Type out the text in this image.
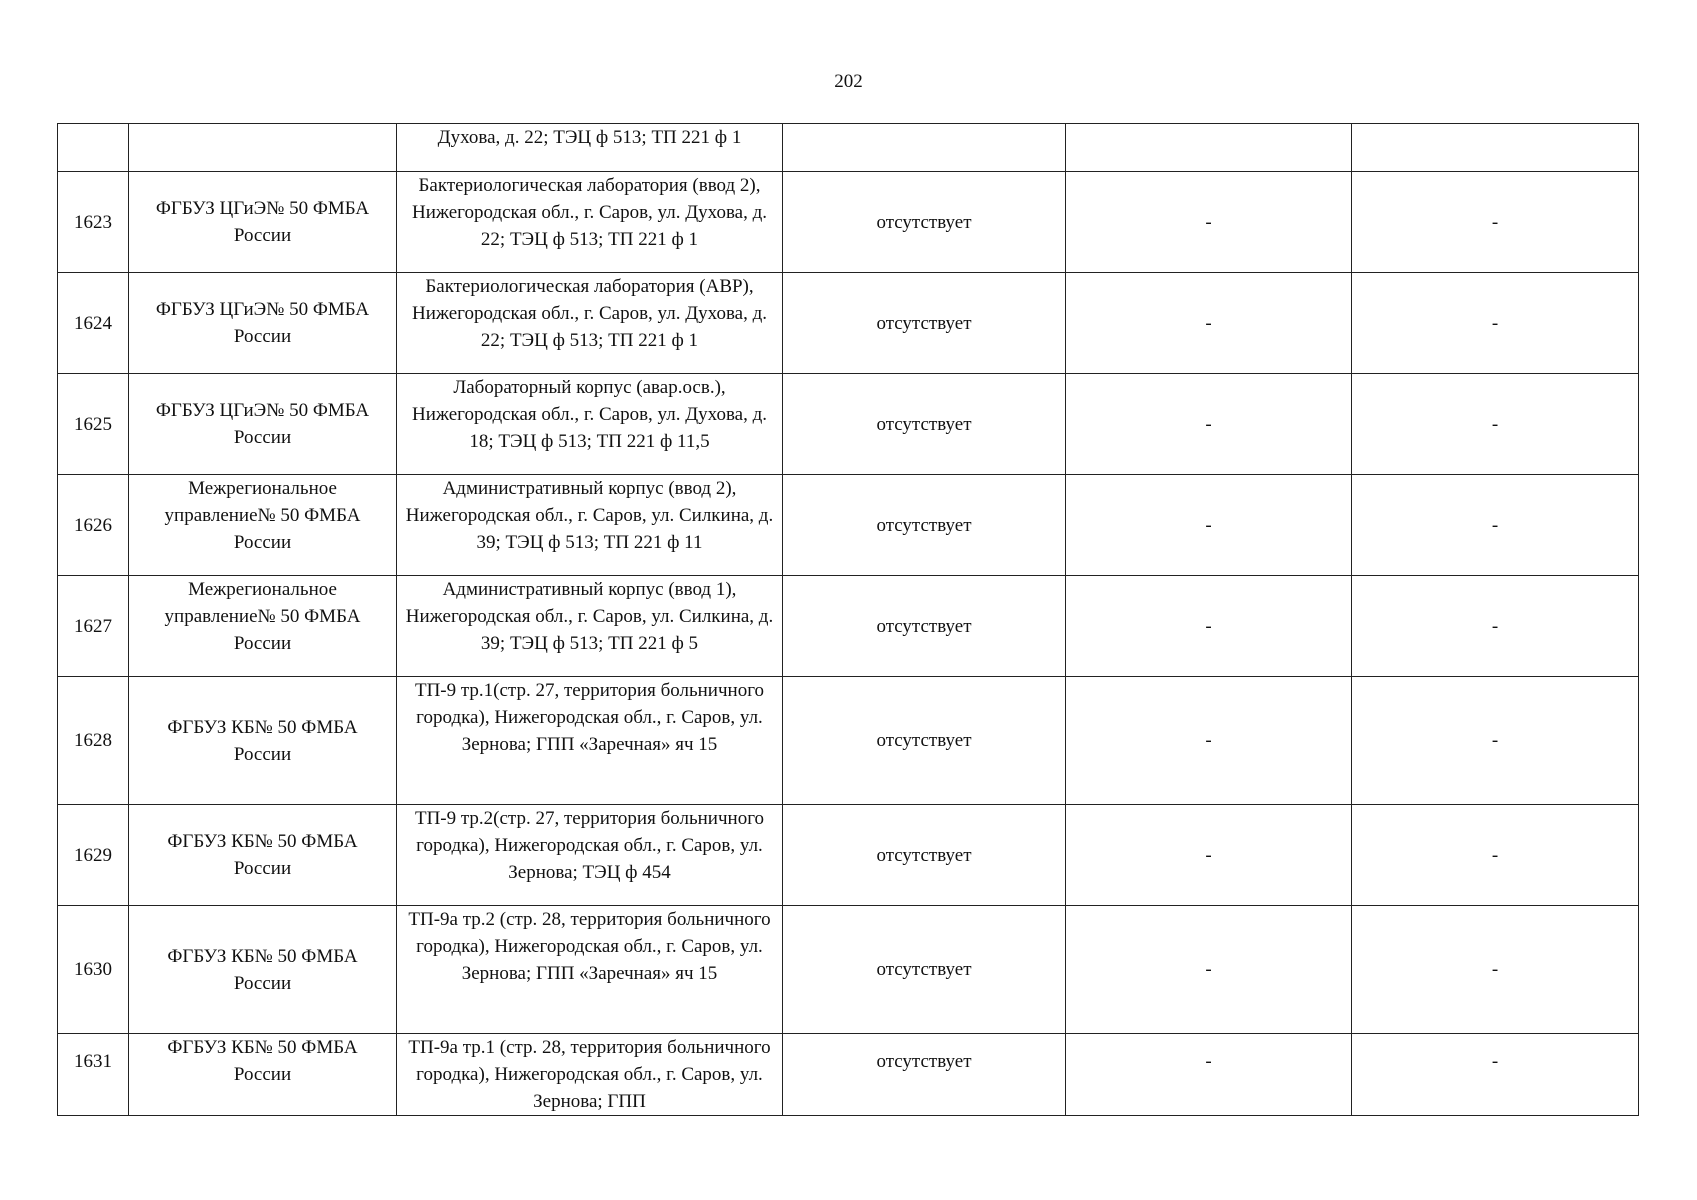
202
		Духова, д. 22; ТЭЦ ф 513; ТП 221 ф 1			
1623	ФГБУЗ ЦГиЭ№ 50 ФМБА России	Бактериологическая лаборатория (ввод 2), Нижегородская обл., г. Саров, ул. Духова, д. 22; ТЭЦ ф 513; ТП 221 ф 1	отсутствует	-	-
1624	ФГБУЗ ЦГиЭ№ 50 ФМБА России	Бактериологическая лаборатория (АВР), Нижегородская обл., г. Саров, ул. Духова, д. 22; ТЭЦ ф 513; ТП 221 ф 1	отсутствует	-	-
1625	ФГБУЗ ЦГиЭ№ 50 ФМБА России	Лабораторный корпус (авар.осв.), Нижегородская обл., г. Саров, ул. Духова, д. 18; ТЭЦ ф 513; ТП 221 ф 11,5	отсутствует	-	-
1626	Межрегиональное управление№ 50 ФМБА России	Административный корпус (ввод 2), Нижегородская обл., г. Саров, ул. Силкина, д. 39; ТЭЦ ф 513; ТП 221 ф 11	отсутствует	-	-
1627	Межрегиональное управление№ 50 ФМБА России	Административный корпус (ввод 1), Нижегородская обл., г. Саров, ул. Силкина, д. 39; ТЭЦ ф 513; ТП 221 ф 5	отсутствует	-	-
1628	ФГБУЗ КБ№ 50 ФМБА России	ТП-9 тр.1(стр. 27, территория больничного городка), Нижегородская обл., г. Саров, ул. Зернова; ГПП «Заречная» яч 15	отсутствует	-	-
1629	ФГБУЗ КБ№ 50 ФМБА России	ТП-9 тр.2(стр. 27, территория больничного городка), Нижегородская обл., г. Саров, ул. Зернова; ТЭЦ ф 454	отсутствует	-	-
1630	ФГБУЗ КБ№ 50 ФМБА России	ТП-9а тр.2 (стр. 28, территория больничного городка), Нижегородская обл., г. Саров, ул. Зернова; ГПП «Заречная» яч 15	отсутствует	-	-
1631	ФГБУЗ КБ№ 50 ФМБА России	ТП-9а тр.1 (стр. 28, территория больничного городка), Нижегородская обл., г. Саров, ул. Зернова; ГПП	отсутствует	-	-
